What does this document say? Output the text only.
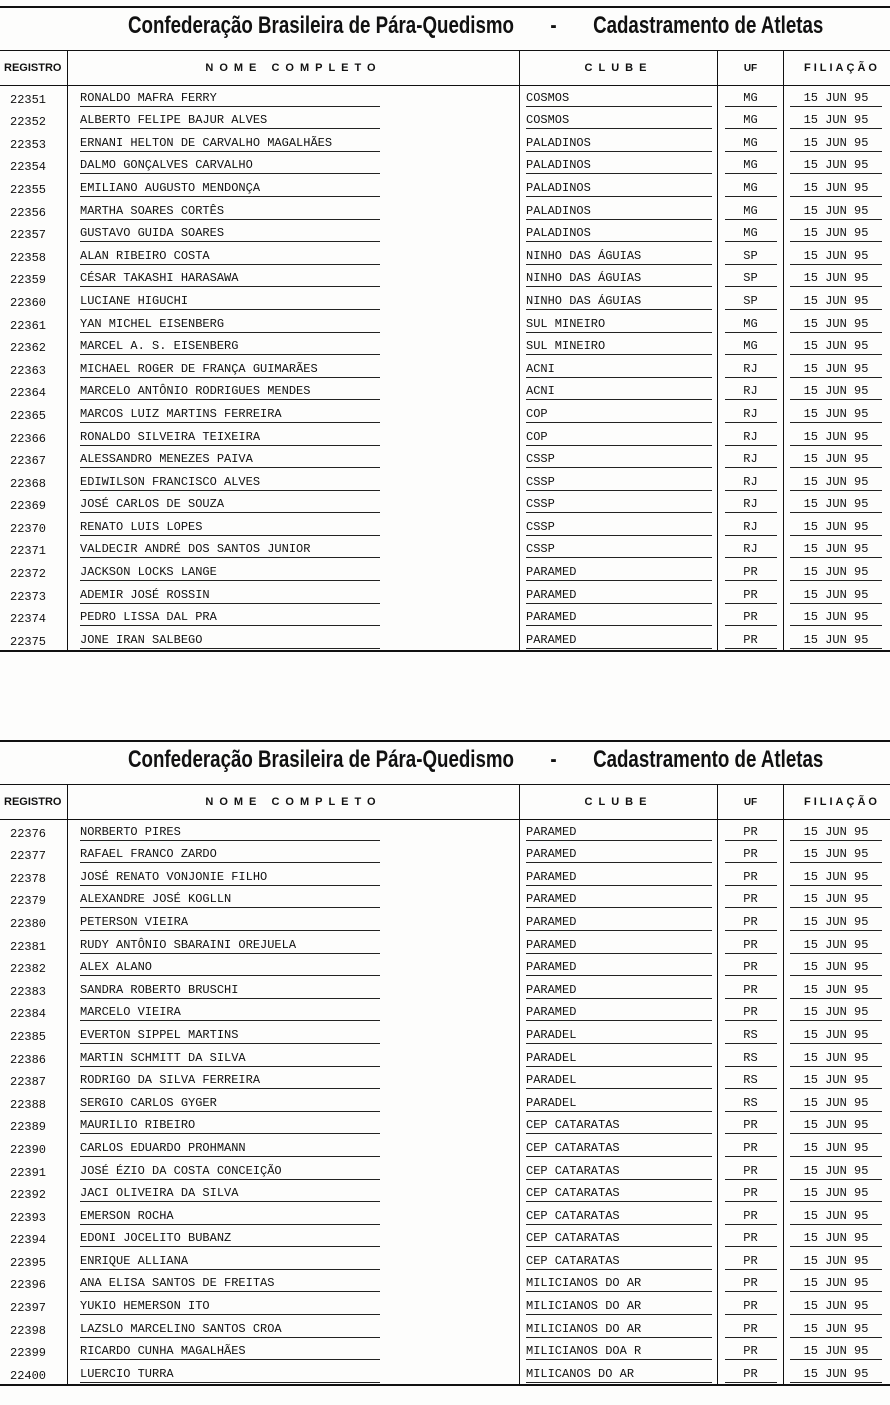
Confederação Brasileira de Pára-Quedismo - Cadastramento de Atletas
REGISTRO	NOME COMPLETO	CLUBE	UF	FILIAÇÃO
22351	RONALDO MAFRA FERRY	COSMOS	MG	15 JUN 95
22352	ALBERTO FELIPE BAJUR ALVES	COSMOS	MG	15 JUN 95
22353	ERNANI HELTON DE CARVALHO MAGALHÃES	PALADINOS	MG	15 JUN 95
22354	DALMO GONÇALVES CARVALHO	PALADINOS	MG	15 JUN 95
22355	EMILIANO AUGUSTO MENDONÇA	PALADINOS	MG	15 JUN 95
22356	MARTHA SOARES CORTÊS	PALADINOS	MG	15 JUN 95
22357	GUSTAVO GUIDA SOARES	PALADINOS	MG	15 JUN 95
22358	ALAN RIBEIRO COSTA	NINHO DAS ÁGUIAS	SP	15 JUN 95
22359	CÉSAR TAKASHI HARASAWA	NINHO DAS ÁGUIAS	SP	15 JUN 95
22360	LUCIANE HIGUCHI	NINHO DAS ÁGUIAS	SP	15 JUN 95
22361	YAN MICHEL EISENBERG	SUL MINEIRO	MG	15 JUN 95
22362	MARCEL A. S. EISENBERG	SUL MINEIRO	MG	15 JUN 95
22363	MICHAEL ROGER DE FRANÇA GUIMARÃES	ACNI	RJ	15 JUN 95
22364	MARCELO ANTÔNIO RODRIGUES MENDES	ACNI	RJ	15 JUN 95
22365	MARCOS LUIZ MARTINS FERREIRA	COP	RJ	15 JUN 95
22366	RONALDO SILVEIRA TEIXEIRA	COP	RJ	15 JUN 95
22367	ALESSANDRO MENEZES PAIVA	CSSP	RJ	15 JUN 95
22368	EDIWILSON FRANCISCO ALVES	CSSP	RJ	15 JUN 95
22369	JOSÉ CARLOS DE SOUZA	CSSP	RJ	15 JUN 95
22370	RENATO LUIS LOPES	CSSP	RJ	15 JUN 95
22371	VALDECIR ANDRÉ DOS SANTOS JUNIOR	CSSP	RJ	15 JUN 95
22372	JACKSON LOCKS LANGE	PARAMED	PR	15 JUN 95
22373	ADEMIR JOSÉ ROSSIN	PARAMED	PR	15 JUN 95
22374	PEDRO LISSA DAL PRA	PARAMED	PR	15 JUN 95
22375	JONE IRAN SALBEGO	PARAMED	PR	15 JUN 95
Confederação Brasileira de Pára-Quedismo - Cadastramento de Atletas
REGISTRO	NOME COMPLETO	CLUBE	UF	FILIAÇÃO
22376	NORBERTO PIRES	PARAMED	PR	15 JUN 95
22377	RAFAEL FRANCO ZARDO	PARAMED	PR	15 JUN 95
22378	JOSÉ RENATO VONJONIE FILHO	PARAMED	PR	15 JUN 95
22379	ALEXANDRE JOSÉ KOGLLN	PARAMED	PR	15 JUN 95
22380	PETERSON VIEIRA	PARAMED	PR	15 JUN 95
22381	RUDY ANTÔNIO SBARAINI OREJUELA	PARAMED	PR	15 JUN 95
22382	ALEX ALANO	PARAMED	PR	15 JUN 95
22383	SANDRA ROBERTO BRUSCHI	PARAMED	PR	15 JUN 95
22384	MARCELO VIEIRA	PARAMED	PR	15 JUN 95
22385	EVERTON SIPPEL MARTINS	PARADEL	RS	15 JUN 95
22386	MARTIN SCHMITT DA SILVA	PARADEL	RS	15 JUN 95
22387	RODRIGO DA SILVA FERREIRA	PARADEL	RS	15 JUN 95
22388	SERGIO CARLOS GYGER	PARADEL	RS	15 JUN 95
22389	MAURILIO RIBEIRO	CEP CATARATAS	PR	15 JUN 95
22390	CARLOS EDUARDO PROHMANN	CEP CATARATAS	PR	15 JUN 95
22391	JOSÉ ÉZIO DA COSTA CONCEIÇÃO	CEP CATARATAS	PR	15 JUN 95
22392	JACI OLIVEIRA DA SILVA	CEP CATARATAS	PR	15 JUN 95
22393	EMERSON ROCHA	CEP CATARATAS	PR	15 JUN 95
22394	EDONI JOCELITO BUBANZ	CEP CATARATAS	PR	15 JUN 95
22395	ENRIQUE ALLIANA	CEP CATARATAS	PR	15 JUN 95
22396	ANA ELISA SANTOS DE FREITAS	MILICIANOS DO AR	PR	15 JUN 95
22397	YUKIO HEMERSON ITO	MILICIANOS DO AR	PR	15 JUN 95
22398	LAZSLO MARCELINO SANTOS CROA	MILICIANOS DO AR	PR	15 JUN 95
22399	RICARDO CUNHA MAGALHÃES	MILICIANOS DOA R	PR	15 JUN 95
22400	LUERCIO TURRA	MILICANOS DO AR	PR	15 JUN 95
